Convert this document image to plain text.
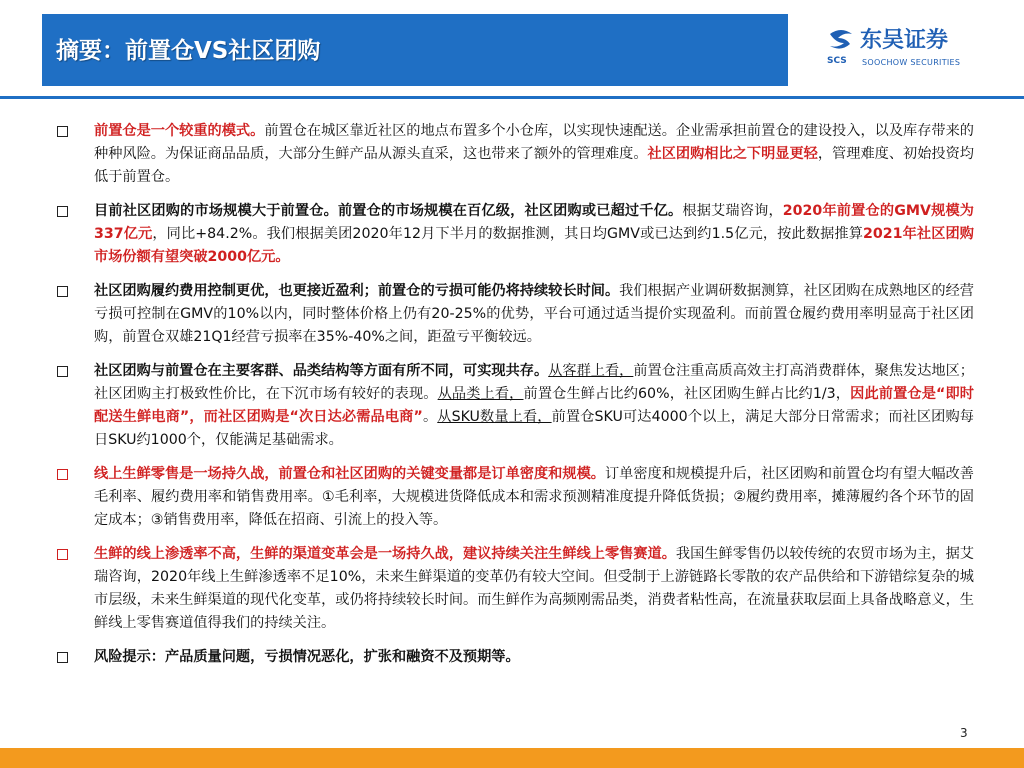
摘要：前置仓VS社区团购	SCS
东吴证券
SOOCHOW SECURITIES
前置仓是一个较重的模式。前置仓在城区靠近社区的地点布置多个小仓库，以实现快速配送。企业需承担前置仓的建设投入，以及库存带来的种种风险。为保证商品品质，大部分生鲜产品从源头直采，这也带来了额外的管理难度。社区团购相比之下明显更轻，管理难度、初始投资均低于前置仓。
目前社区团购的市场规模大于前置仓。前置仓的市场规模在百亿级，社区团购或已超过千亿。根据艾瑞咨询，2020年前置仓的GMV规模为337亿元，同比+84.2%。我们根据美团2020年12月下半月的数据推测，其日均GMV或已达到约1.5亿元，按此数据推算2021年社区团购市场份额有望突破2000亿元。
社区团购履约费用控制更优，也更接近盈利；前置仓的亏损可能仍将持续较长时间。我们根据产业调研数据测算，社区团购在成熟地区的经营亏损可控制在GMV的10%以内，同时整体价格上仍有20-25%的优势，平台可通过适当提价实现盈利。而前置仓履约费用率明显高于社区团购，前置仓双雄21Q1经营亏损率在35%-40%之间，距盈亏平衡较远。
社区团购与前置仓在主要客群、品类结构等方面有所不同，可实现共存。从客群上看，前置仓注重高质高效主打高消费群体，聚焦发达地区；社区团购主打极致性价比，在下沉市场有较好的表现。从品类上看，前置仓生鲜占比约60%，社区团购生鲜占比约1/3，因此前置仓是“即时配送生鲜电商”，而社区团购是“次日达必需品电商”。从SKU数量上看，前置仓SKU可达4000个以上，满足大部分日常需求；而社区团购每日SKU约1000个，仅能满足基础需求。
线上生鲜零售是一场持久战，前置仓和社区团购的关键变量都是订单密度和规模。订单密度和规模提升后，社区团购和前置仓均有望大幅改善毛利率、履约费用率和销售费用率。①毛利率，大规模进货降低成本和需求预测精准度提升降低货损；②履约费用率，摊薄履约各个环节的固定成本；③销售费用率，降低在招商、引流上的投入等。
生鲜的线上渗透率不高，生鲜的渠道变革会是一场持久战，建议持续关注生鲜线上零售赛道。我国生鲜零售仍以较传统的农贸市场为主，据艾瑞咨询，2020年线上生鲜渗透率不足10%，未来生鲜渠道的变革仍有较大空间。但受制于上游链路长零散的农产品供给和下游错综复杂的城市层级，未来生鲜渠道的现代化变革，或仍将持续较长时间。而生鲜作为高频刚需品类，消费者粘性高，在流量获取层面上具备战略意义，生鲜线上零售赛道值得我们的持续关注。
风险提示：产品质量问题，亏损情况恶化，扩张和融资不及预期等。
3
